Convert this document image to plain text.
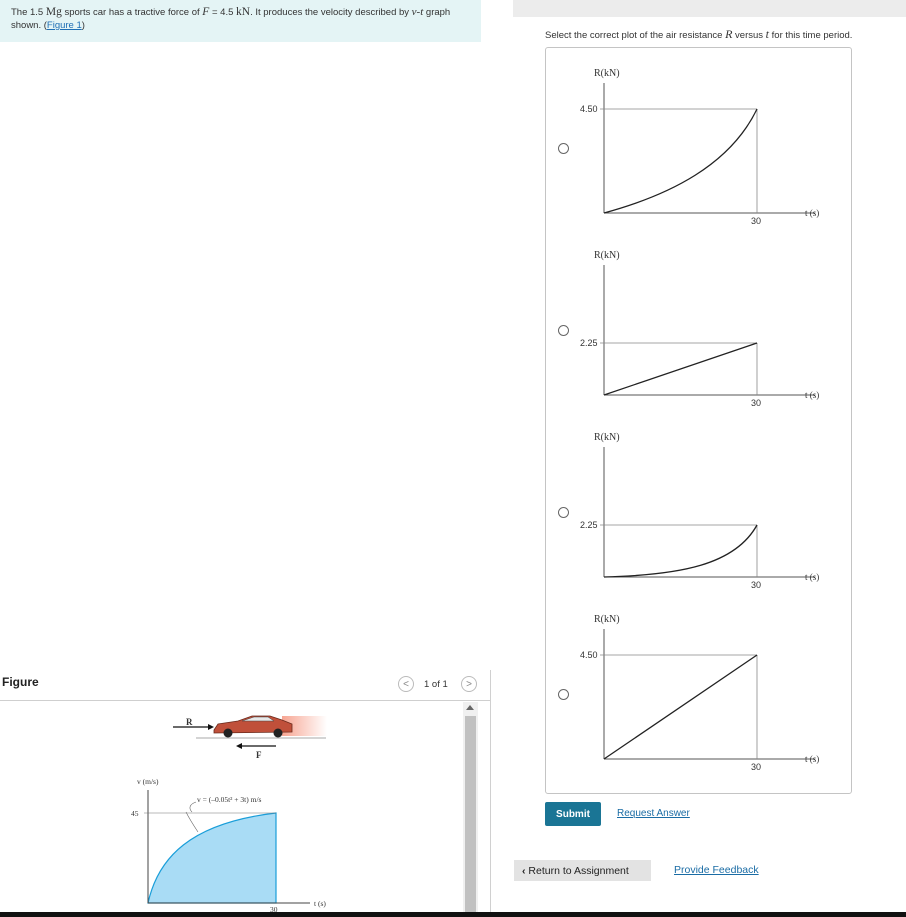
The 1.5 Mg sports car has a tractive force of F = 4.5 kN. It produces the velocity described by v-t graph shown. (Figure 1)
Select the correct plot of the air resistance R versus t for this time period.
R(kN)
4.50
30
t (s)
R(kN)
2.25
30
t (s)
R(kN)
2.25
30
t (s)
R(kN)
4.50
30
t (s)
Submit	Request Answer
‹ Return to Assignment	Provide Feedback
Figure	<	1 of 1	>
R
F
v (m/s)
45
30
t (s)
v = (–0.05t² + 3t) m/s
